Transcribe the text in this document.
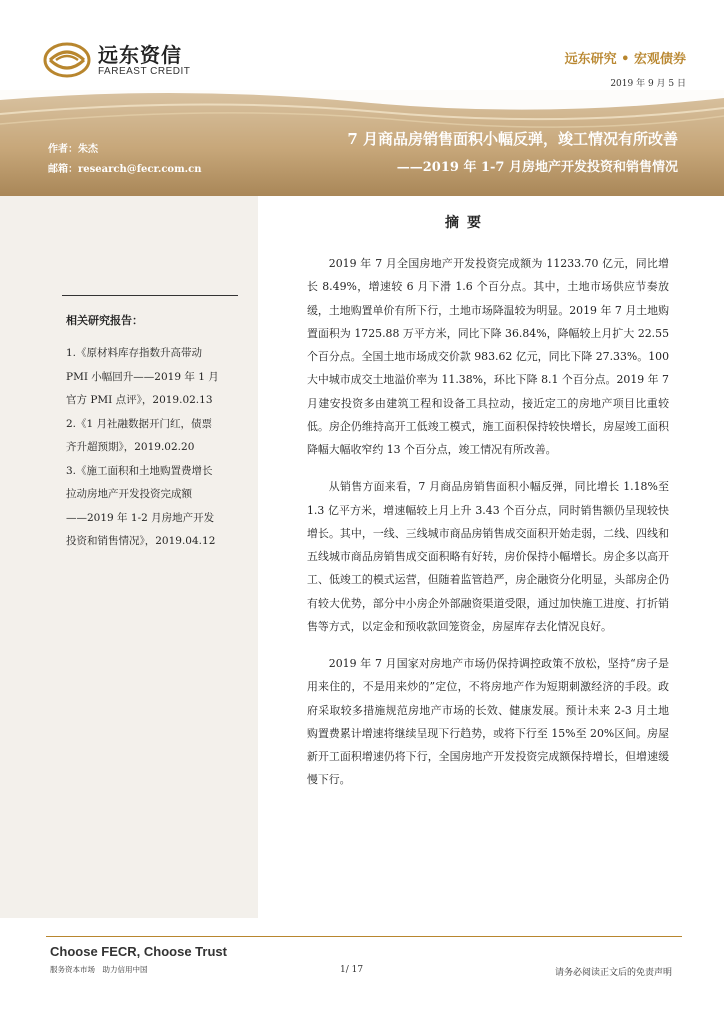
远东资信
FAREAST CREDIT
远东研究 • 宏观债券
2019 年 9 月 5 日
作者：朱杰
邮箱：research@fecr.com.cn
7 月商品房销售面积小幅反弹，竣工情况有所改善
——2019 年 1-7 月房地产开发投资和销售情况
相关研究报告：
1.《原材料库存指数升高带动
PMI 小幅回升——2019 年 1 月
官方 PMI 点评》，2019.02.13
2.《1 月社融数据开门红，债票
齐升超预期》，2019.02.20
3.《施工面积和土地购置费增长
拉动房地产开发投资完成额
——2019 年 1-2 月房地产开发
投资和销售情况》，2019.04.12
摘要

2019 年 7 月全国房地产开发投资完成额为 11233.70 亿元，同比增长 8.49%，增速较 6 月下滑 1.6 个百分点。其中，土地市场供应节奏放缓，土地购置单价有所下行，土地市场降温较为明显。2019 年 7 月土地购置面积为 1725.88 万平方米，同比下降 36.84%，降幅较上月扩大 22.55 个百分点。全国土地市场成交价款 983.62 亿元，同比下降 27.33%。100 大中城市成交土地溢价率为 11.38%，环比下降 8.1 个百分点。2019 年 7 月建安投资多由建筑工程和设备工具拉动，接近定工的房地产项目比重较低。房企仍维持高开工低竣工模式，施工面积保持较快增长，房屋竣工面积降幅大幅收窄约 13 个百分点，竣工情况有所改善。

从销售方面来看，7 月商品房销售面积小幅反弹，同比增长 1.18%至 1.3 亿平方米，增速幅较上月上升 3.43 个百分点，同时销售额仍呈现较快增长。其中，一线、三线城市商品房销售成交面积开始走弱，二线、四线和五线城市商品房销售成交面积略有好转，房价保持小幅增长。房企多以高开工、低竣工的模式运营，但随着监管趋严，房企融资分化明显，头部房企仍有较大优势，部分中小房企外部融资渠道受限，通过加快施工进度、打折销售等方式，以定金和预收款回笼资金，房屋库存去化情况良好。

2019 年 7 月国家对房地产市场仍保持调控政策不放松，坚持“房子是用来住的，不是用来炒的”定位，不将房地产作为短期刺激经济的手段。政府采取较多措施规范房地产市场的长效、健康发展。预计未来 2-3 月土地购置费累计增速将继续呈现下行趋势，或将下行至 15%至 20%区间。房屋新开工面积增速仍将下行，全国房地产开发投资完成额保持增长，但增速缓慢下行。

Choose FECR, Choose Trust
服务资本市场　助力信用中国	1/ 17	请务必阅读正文后的免责声明
